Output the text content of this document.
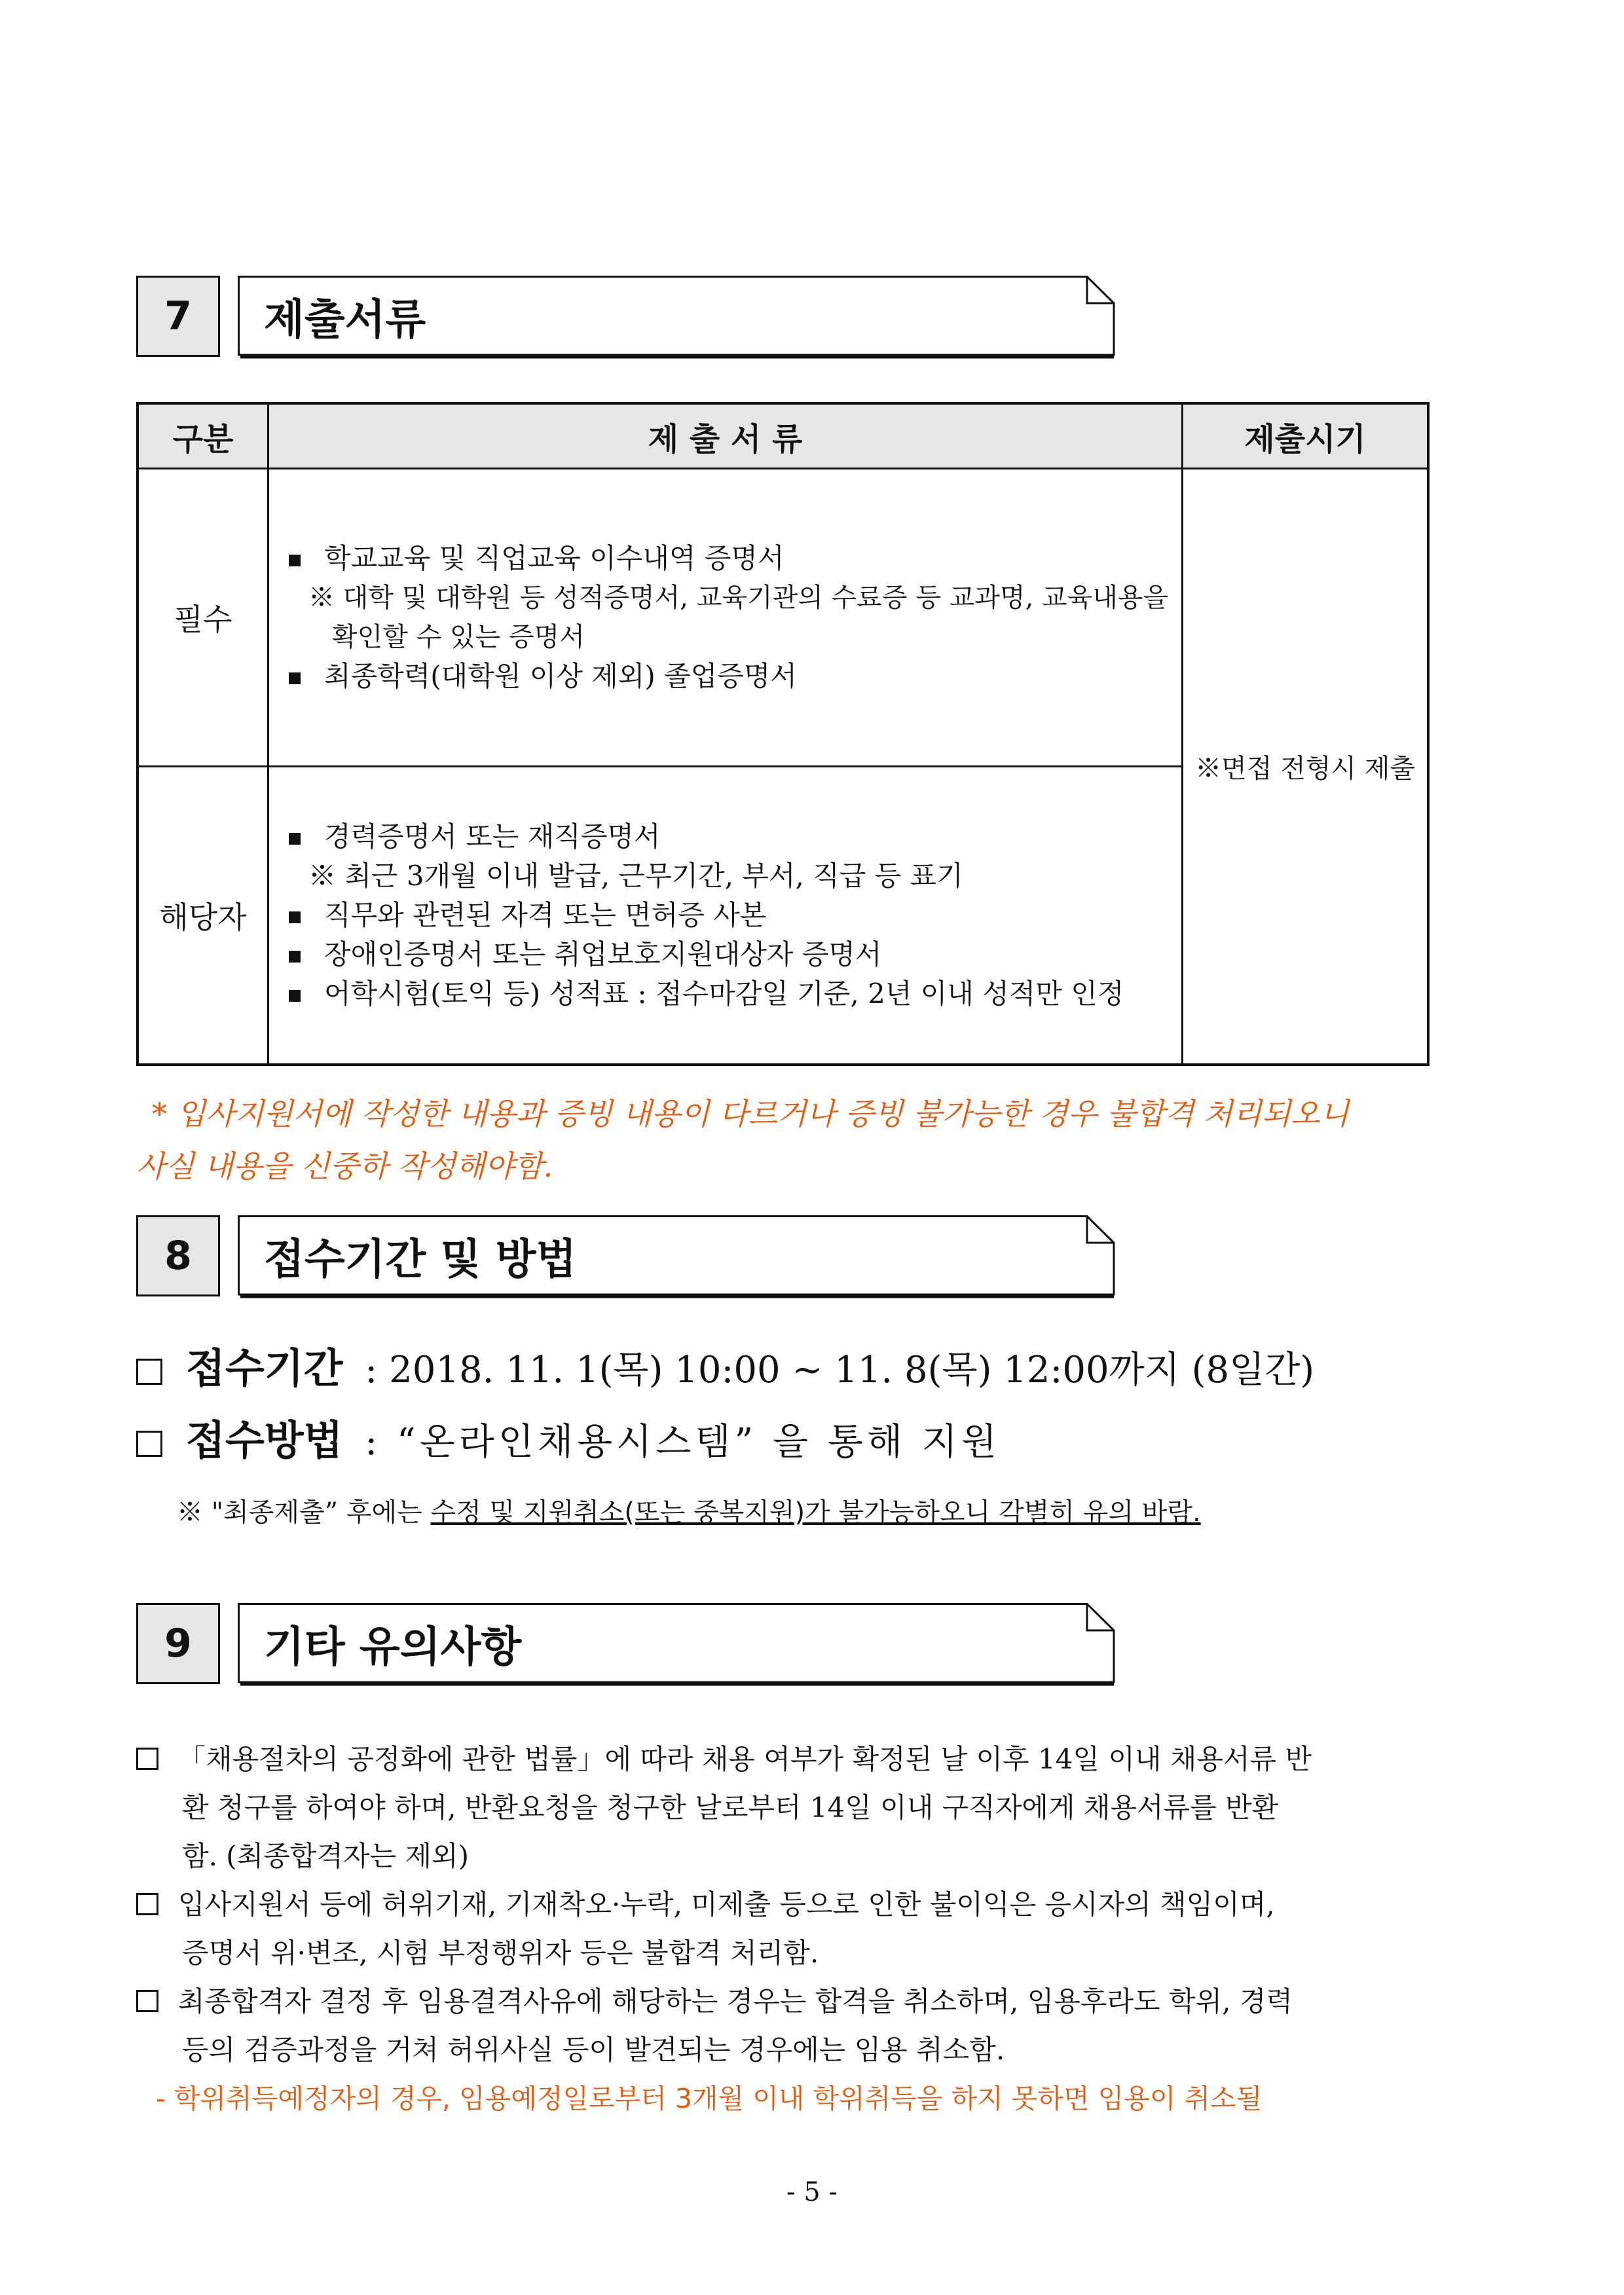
7 제출서류
구분	제 출 서 류	제출시기
필수	학교교육 및 직업교육 이수내역 증명서
※ 대학 및 대학원 등 성적증명서, 교육기관의 수료증 등 교과명, 교육내용을
확인할 수 있는 증명서
최종학력(대학원 이상 제외) 졸업증명서	※면접 전형시 제출
해당자	경력증명서 또는 재직증명서
※ 최근 3개월 이내 발급, 근무기간, 부서, 직급 등 표기
직무와 관련된 자격 또는 면허증 사본
장애인증명서 또는 취업보호지원대상자 증명서
어학시험(토익 등) 성적표 : 접수마감일 기준, 2년 이내 성적만 인정	
* 입사지원서에 작성한 내용과 증빙 내용이 다르거나 증빙 불가능한 경우 불합격 처리되오니
사실 내용을 신중하 작성해야함.
8 접수기간 및 방법
접수기간 : 2018. 11. 1(목) 10:00 ~ 11. 8(목) 12:00까지 (8일간)
접수방법 : “온라인채용시스템” 을 통해 지원
※ "최종제출” 후에는 수정 및 지원취소(또는 중복지원)가 불가능하오니 각별히 유의 바람.
9 기타 유의사항
「채용절차의 공정화에 관한 법률」에 따라 채용 여부가 확정된 날 이후 14일 이내 채용서류 반
환 청구를 하여야 하며, 반환요청을 청구한 날로부터 14일 이내 구직자에게 채용서류를 반환
함. (최종합격자는 제외)
입사지원서 등에 허위기재, 기재착오·누락, 미제출 등으로 인한 불이익은 응시자의 책임이며,
증명서 위·변조, 시험 부정행위자 등은 불합격 처리함.
최종합격자 결정 후 임용결격사유에 해당하는 경우는 합격을 취소하며, 임용후라도 학위, 경력
등의 검증과정을 거쳐 허위사실 등이 발견되는 경우에는 임용 취소함.
- 학위취득예정자의 경우, 임용예정일로부터 3개월 이내 학위취득을 하지 못하면 임용이 취소될
- 5 -
